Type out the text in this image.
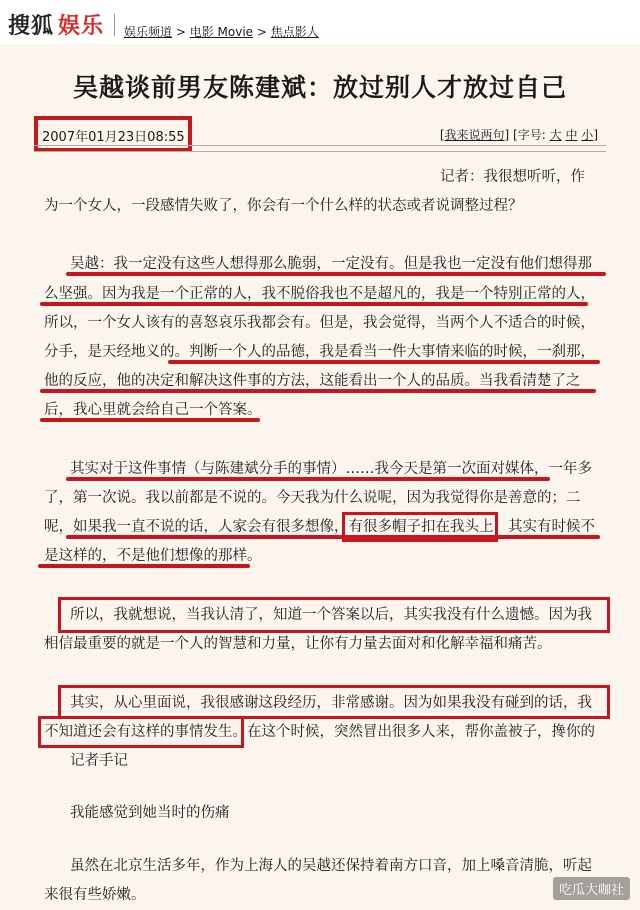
搜狐 娱乐 娱乐频道 > 电影 Movie > 焦点影人
吴越谈前男友陈建斌：放过别人才放过自己
2007年01月23日08:55	[我来说两句] [字号: 大 中 小]
记者：我很想听听，作
为一个女人，一段感情失败了，你会有一个什么样的状态或者说调整过程？
吴越：我一定没有这些人想得那么脆弱，一定没有。但是我也一定没有他们想得那
么坚强。因为我是一个正常的人，我不脱俗我也不是超凡的，我是一个特别正常的人，
所以，一个女人该有的喜怒哀乐我都会有。但是，我会觉得，当两个人不适合的时候，
分手，是天经地义的。判断一个人的品德，我是看当一件大事情来临的时候，一刹那，
他的反应，他的决定和解决这件事的方法，这能看出一个人的品质。当我看清楚了之
后，我心里就会给自己一个答案。
其实对于这件事情（与陈建斌分手的事情）……我今天是第一次面对媒体，一年多
了，第一次说。我以前都是不说的。今天我为什么说呢，因为我觉得你是善意的；二
呢，如果我一直不说的话，人家会有很多想像，有很多帽子扣在我头上，其实有时候不
是这样的，不是他们想像的那样。
所以，我就想说，当我认清了，知道一个答案以后，其实我没有什么遗憾。因为我
相信最重要的就是一个人的智慧和力量，让你有力量去面对和化解幸福和痛苦。
其实，从心里面说，我很感谢这段经历，非常感谢。因为如果我没有碰到的话，我
不知道还会有这样的事情发生。在这个时候，突然冒出很多人来，帮你盖被子，搀你的
记者手记
我能感觉到她当时的伤痛
虽然在北京生活多年，作为上海人的吴越还保持着南方口音，加上嗓音清脆，听起
来很有些娇嫩。	吃瓜大咖社
